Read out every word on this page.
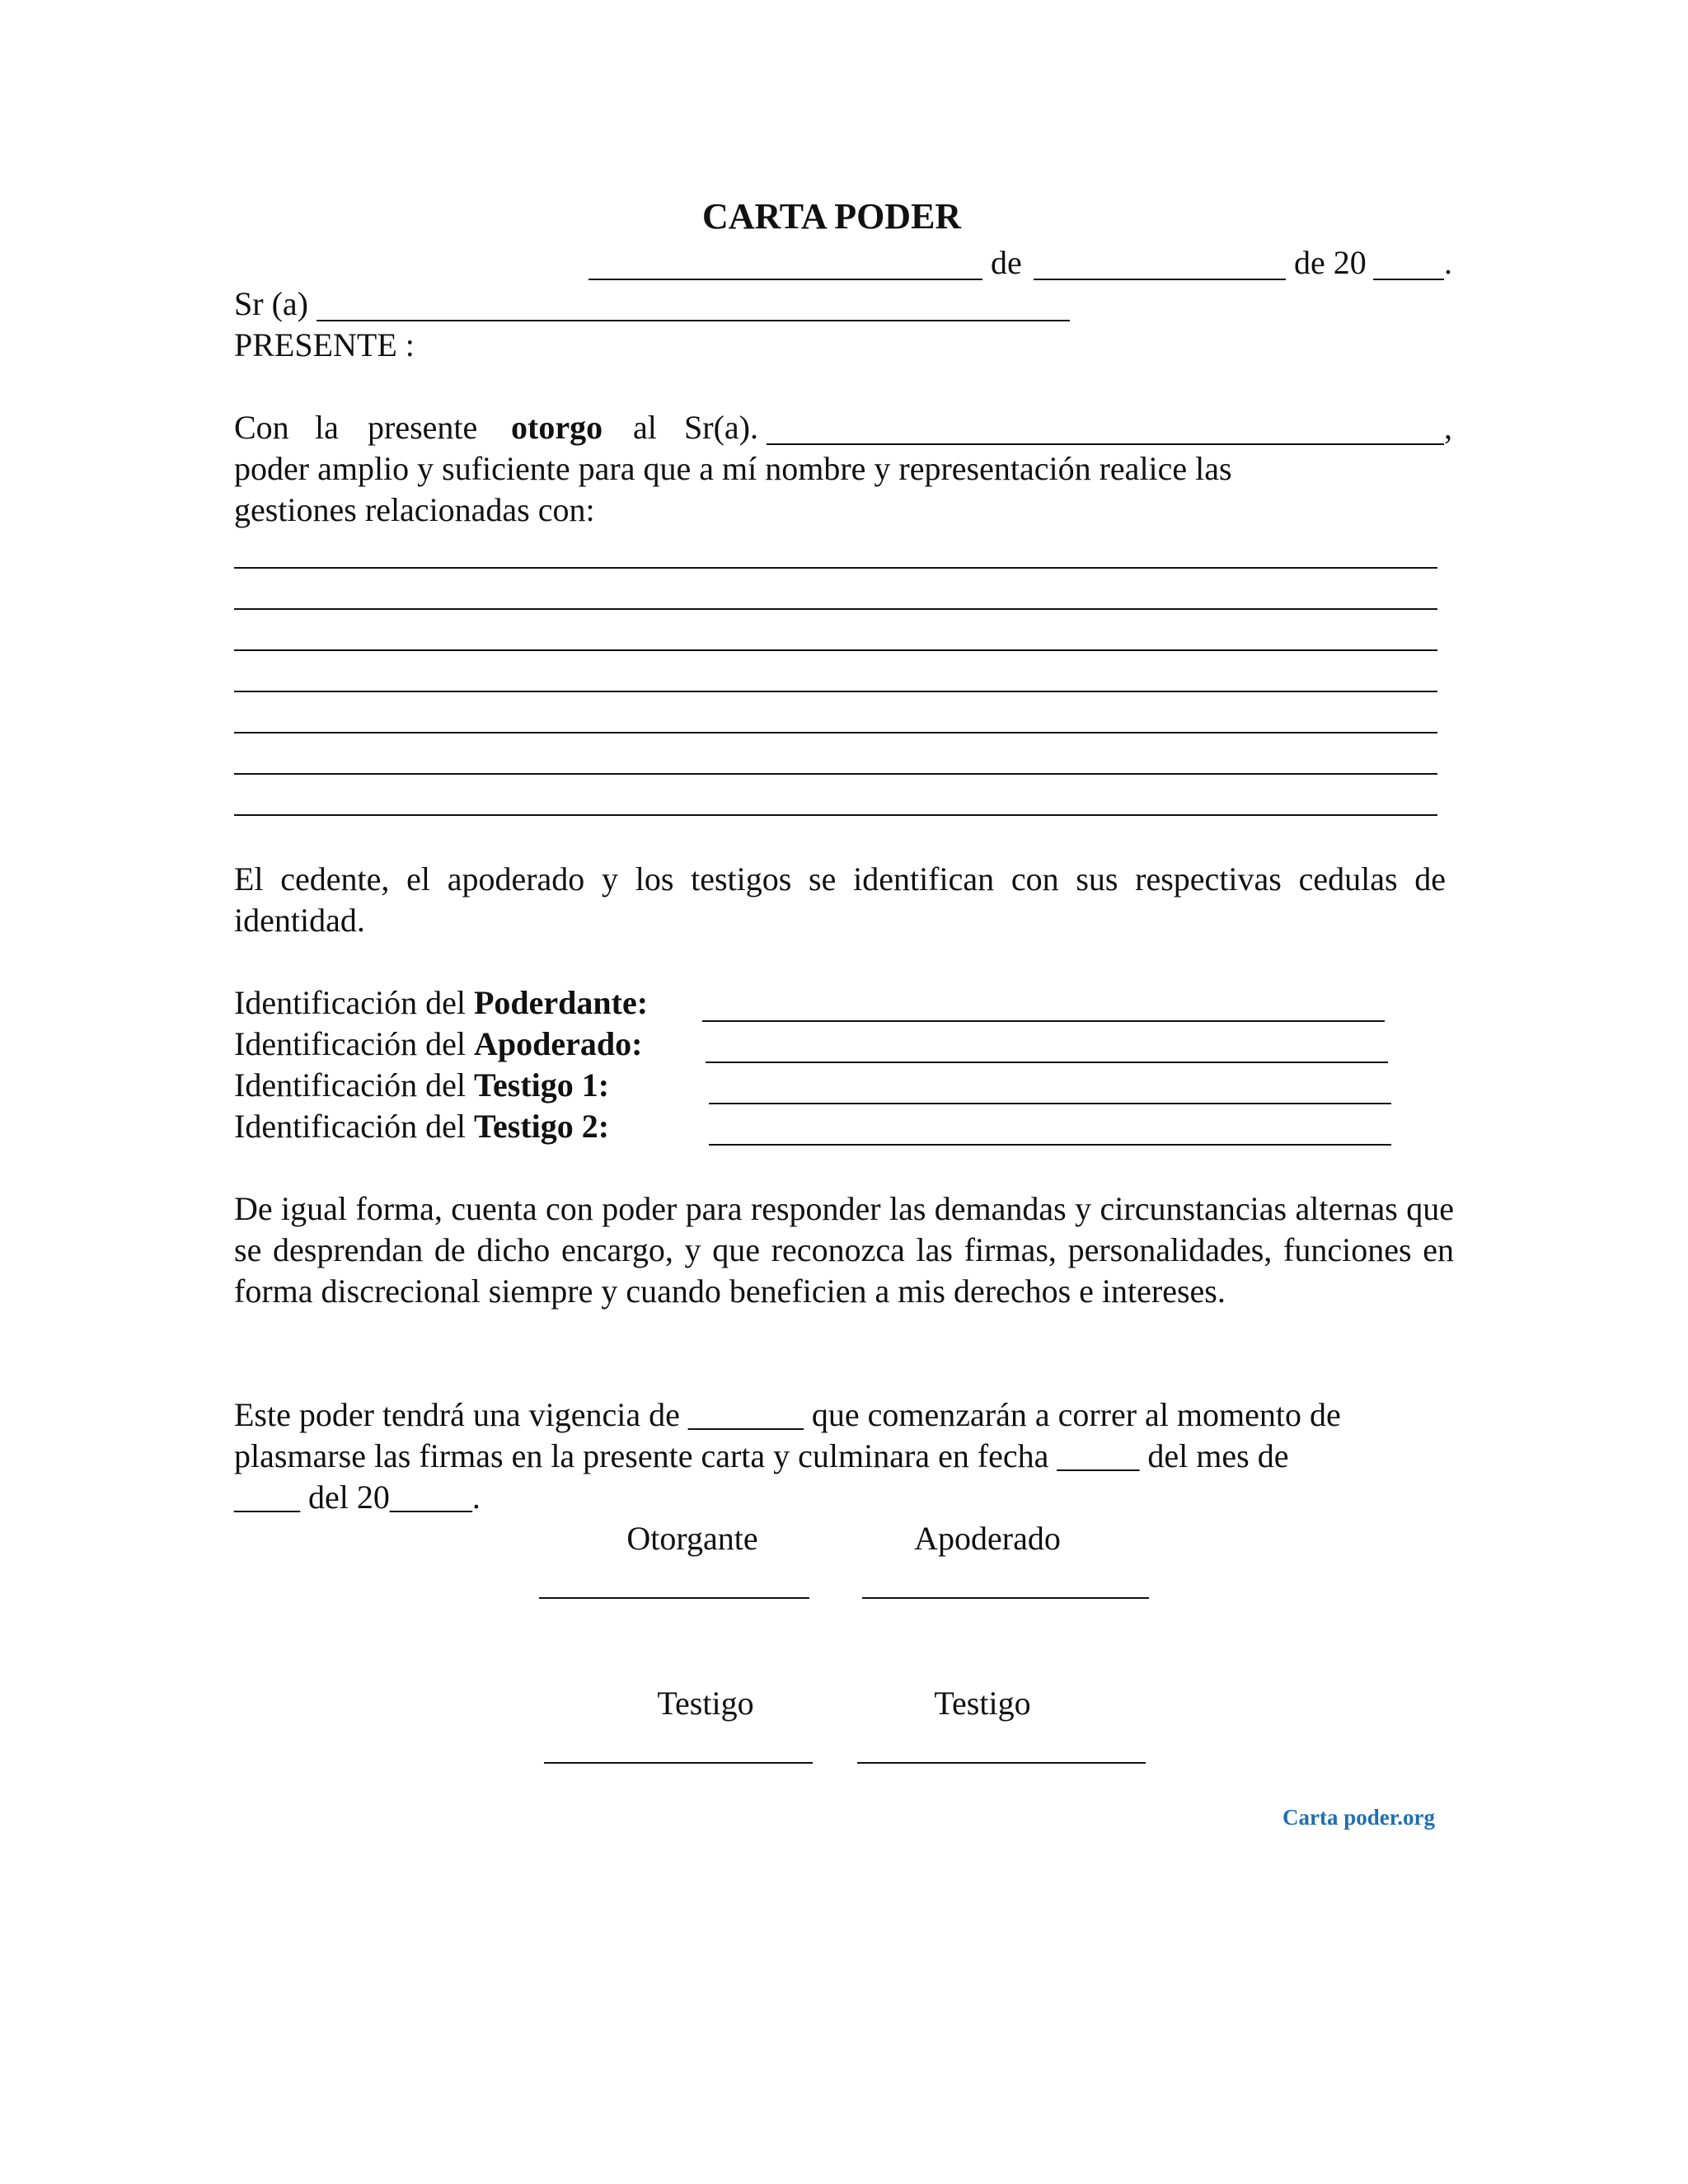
CARTA PODER

de	de 20 .

Sr (a)

PRESENTE :

Con la presente otorgo al Sr(a).	,

poder amplio y suficiente para que a mí nombre y representación realice las

gestiones relacionadas con:

El cedente, el apoderado y los testigos se identifican con sus respectivas cedulas de identidad.

Identificación del Poderdante:

Identificación del Apoderado:

Identificación del Testigo 1:

Identificación del Testigo 2:

De igual forma, cuenta con poder para responder las demandas y circunstancias alternas que se desprendan de dicho encargo, y que reconozca las firmas, personalidades, funciones en forma discrecional siempre y cuando beneficien a mis derechos e intereses.

Este poder tendrá una vigencia de _______ que comenzarán a correr al momento de

plasmarse las firmas en la presente carta y culminara en fecha _____ del mes de

____ del 20_____.

Otorgante	Apoderado

Testigo	Testigo

Carta poder.org
